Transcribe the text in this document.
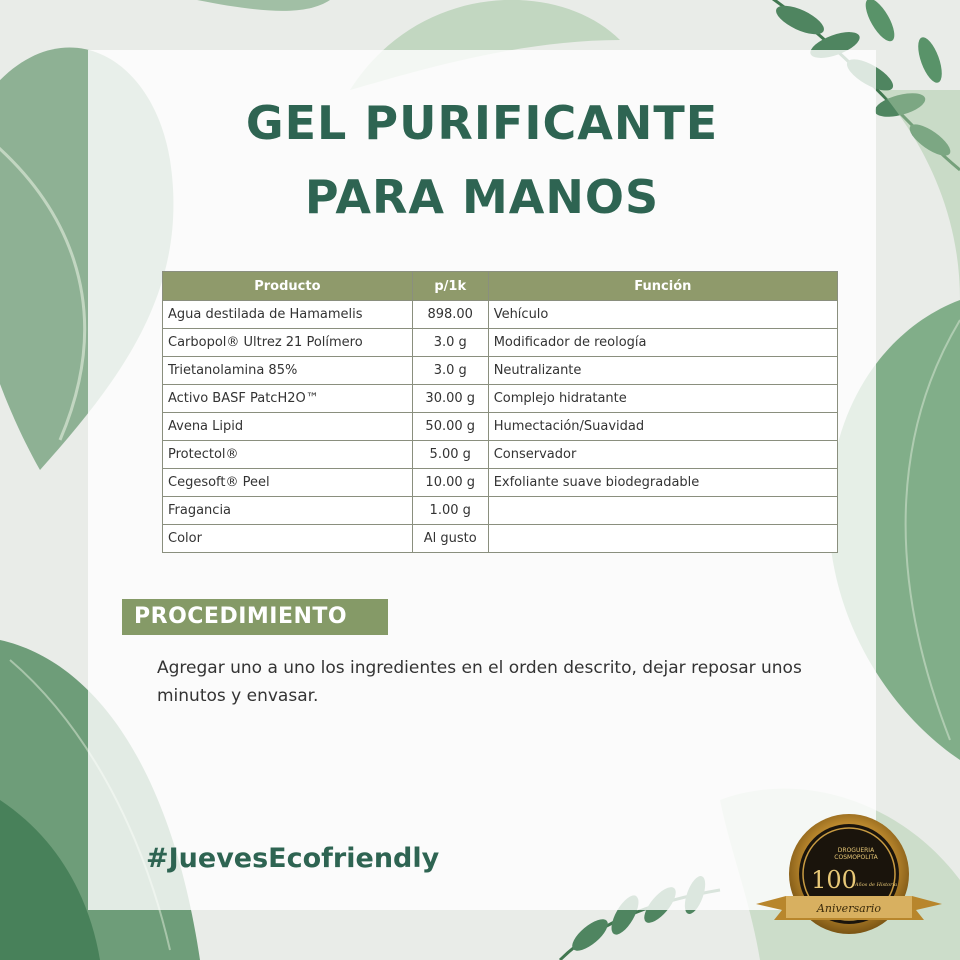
GEL PURIFICANTE
PARA MANOS
Producto	p/1k	Función
Agua destilada de Hamamelis	898.00	Vehículo
Carbopol® Ultrez 21 Polímero	3.0 g	Modificador de reología
Trietanolamina 85%	3.0 g	Neutralizante
Activo BASF PatcH2O™	30.00 g	Complejo hidratante
Avena Lipid	50.00 g	Humectación/Suavidad
Protectol®	5.00 g	Conservador
Cegesoft® Peel	10.00 g	Exfoliante suave biodegradable
Fragancia	1.00 g	
Color	Al gusto	
PROCEDIMIENTO

Agregar uno a uno los ingredientes en el orden descrito, dejar reposar unos minutos y envasar.

#JuevesEcofriendly

Aniversario
DROGUERIA
COSMOPOLITA
100
Años de Historia
